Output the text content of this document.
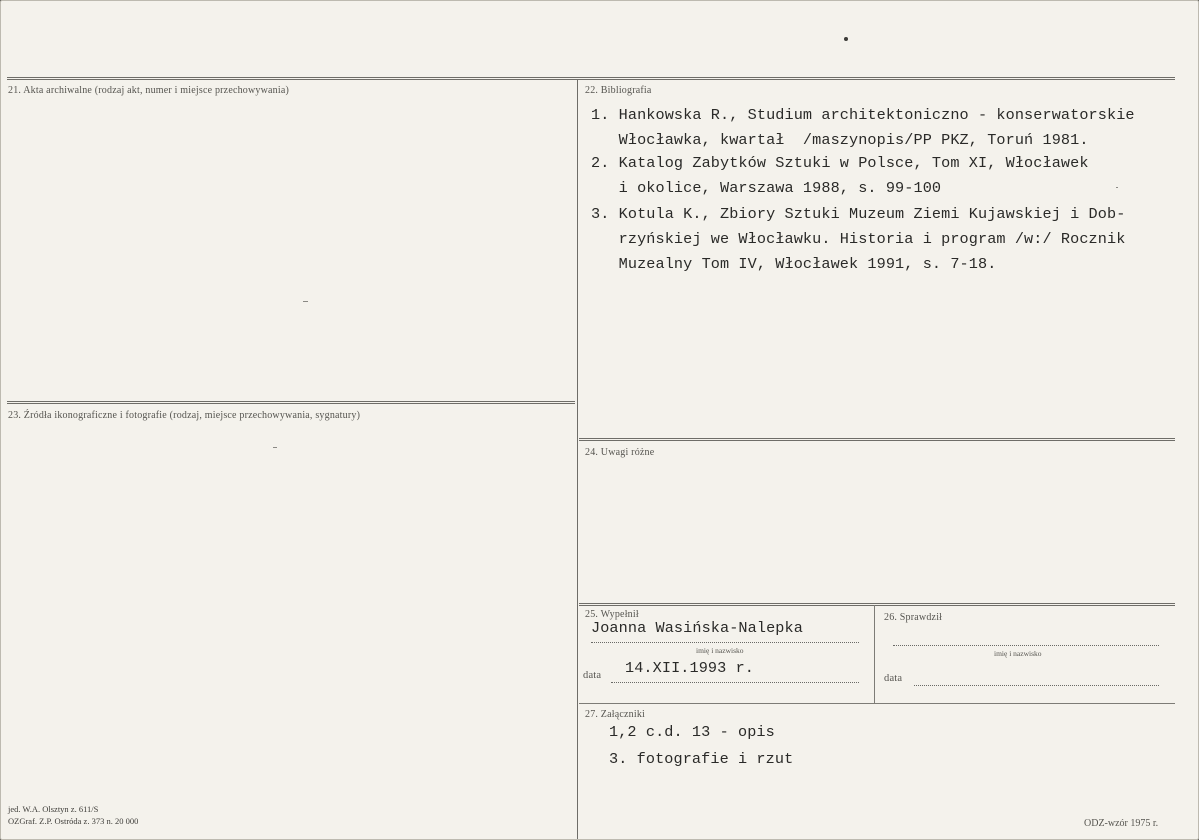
21. Akta archiwalne (rodzaj akt, numer i miejsce przechowywania)	22. Bibliografia
1. Hankowska R., Studium architektoniczno - konserwatorskie
Włocławka, kwartał  /maszynopis/PP PKZ, Toruń 1981.
2. Katalog Zabytków Sztuki w Polsce, Tom XI, Włocławek
i okolice, Warszawa 1988, s. 99-100
3. Kotula K., Zbiory Sztuki Muzeum Ziemi Kujawskiej i Dob-
rzyńskiej we Włocławku. Historia i program /w:/ Rocznik
Muzealny Tom IV, Włocławek 1991, s. 7-18.
23. Źródła ikonograficzne i fotografie (rodzaj, miejsce przechowywania, sygnatury)
24. Uwagi różne
25. Wypełnił
Joanna Wasińska-Nalepka
imię i nazwisko
data 14.XII.1993 r.
26. Sprawdził
imię i nazwisko
data
27. Załączniki
1,2 c.d. 13 - opis
3. fotografie i rzut
jed. W.A. Olsztyn z. 611/S
OZGraf. Z.P. Ostróda z. 373 n. 20 000	ODZ-wzór 1975 r.
